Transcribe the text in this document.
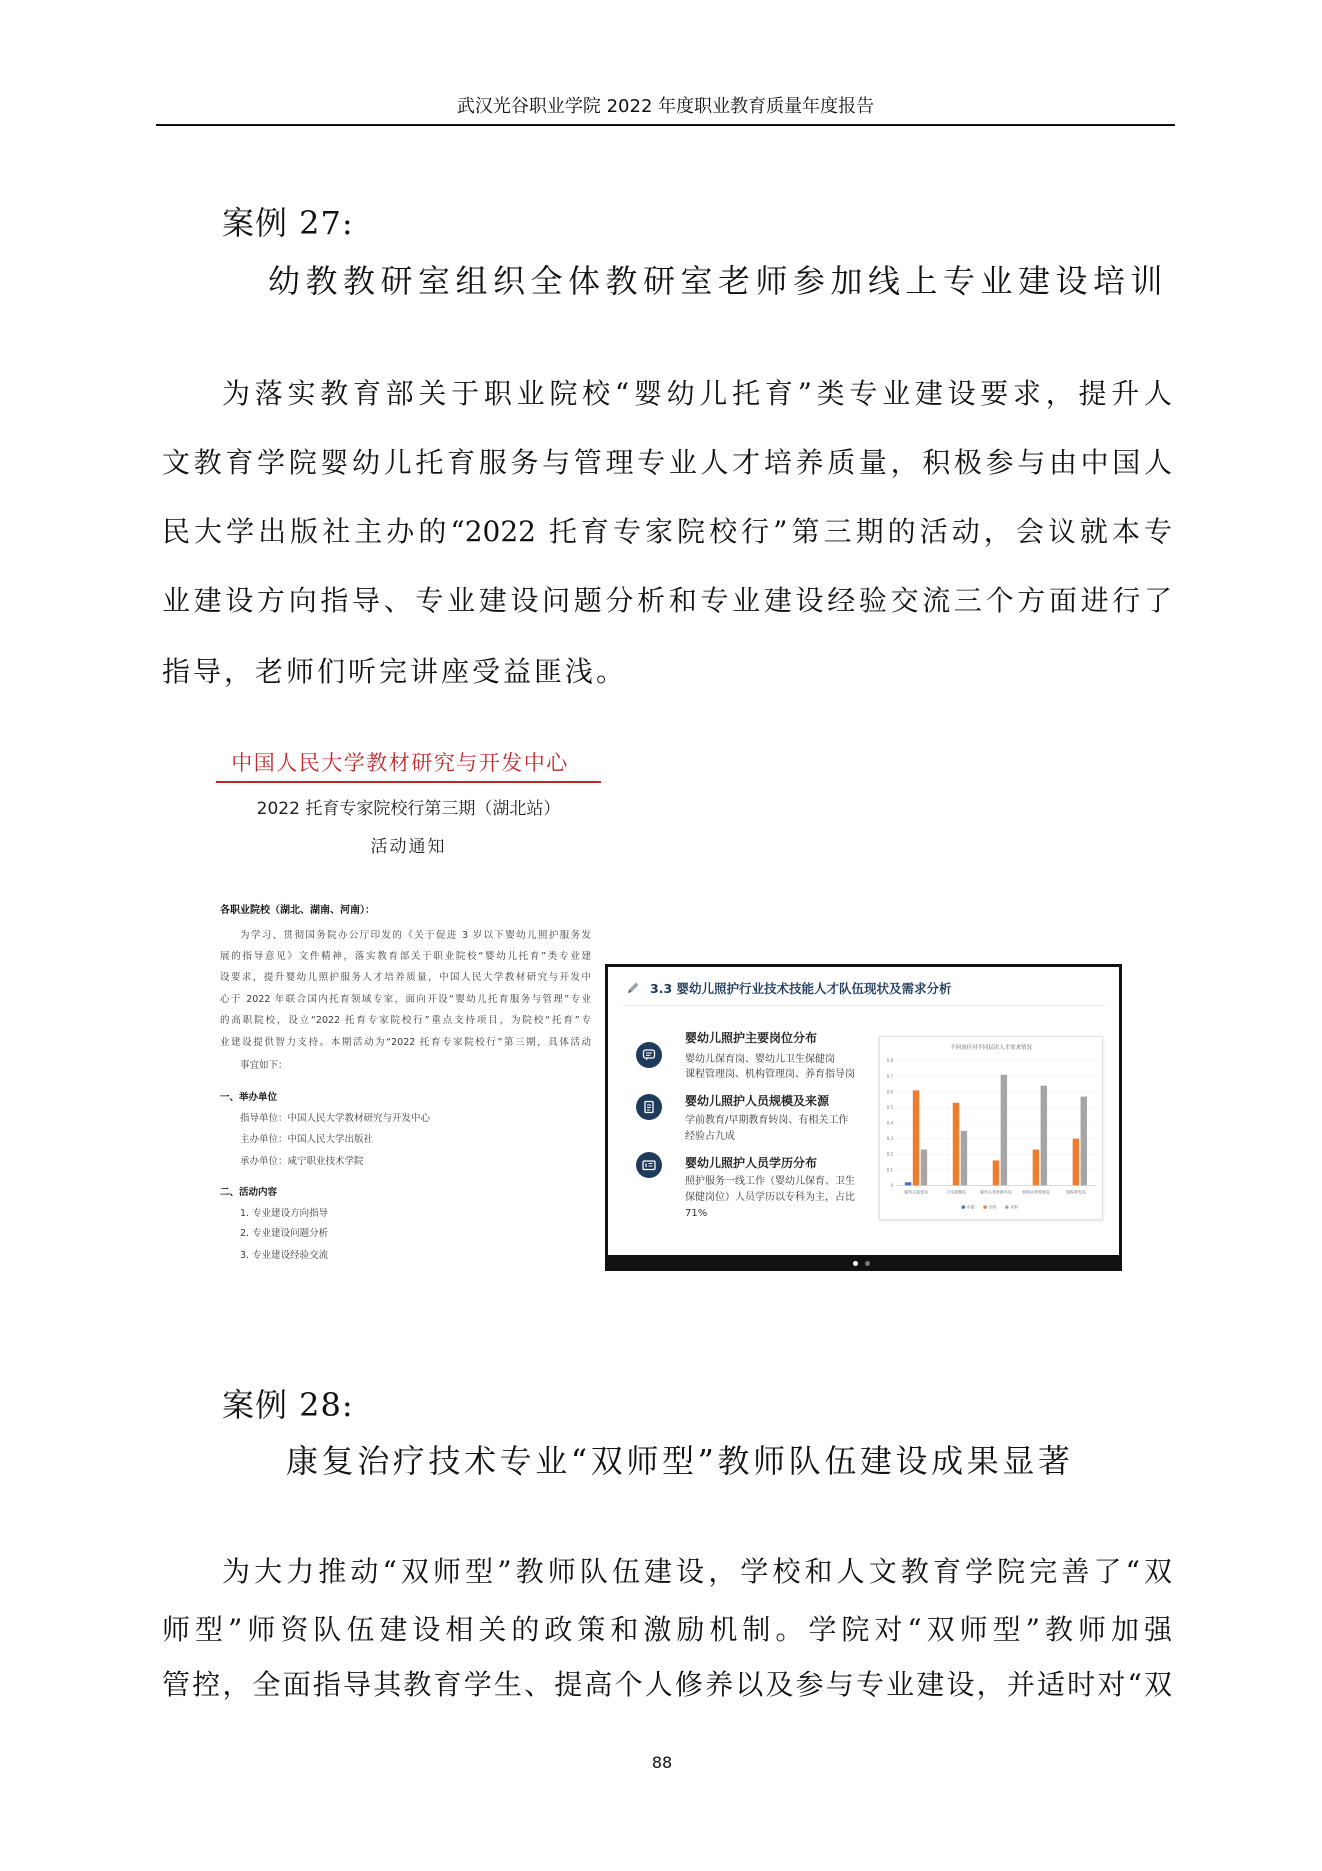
武汉光谷职业学院 2022 年度职业教育质量年度报告
案例 27:
幼教教研室组织全体教研室老师参加线上专业建设培训
为落实教育部关于职业院校“婴幼儿托育”类专业建设要求，提升人
文教育学院婴幼儿托育服务与管理专业人才培养质量，积极参与由中国人
民大学出版社主办的“2022 托育专家院校行”第三期的活动，会议就本专
业建设方向指导、专业建设问题分析和专业建设经验交流三个方面进行了
指导，老师们听完讲座受益匪浅。
中国人民大学教材研究与开发中心
2022 托育专家院校行第三期（湖北站）
活动通知
各职业院校（湖北、湖南、河南）：
为学习、贯彻国务院办公厅印发的《关于促进 3 岁以下婴幼儿照护服务发
展的指导意见》文件精神，落实教育部关于职业院校“婴幼儿托育”类专业建
设要求，提升婴幼儿照护服务人才培养质量，中国人民大学教材研究与开发中
心于 2022 年联合国内托育领域专家，面向开设“婴幼儿托育服务与管理”专业
的高职院校，设立“2022 托育专家院校行”重点支持项目，为院校“托育”专
业建设提供智力支持。本期活动为“2022 托育专家院校行”第三期，具体活动
事宜如下：
一、举办单位
指导单位：中国人民大学教材研究与开发中心
主办单位：中国人民大学出版社
承办单位：咸宁职业技术学院
二、活动内容
1. 专业建设方向指导
2. 专业建设问题分析
3. 专业建设经验交流
3.3 婴幼儿照护行业技术技能人才队伍现状及需求分析
婴幼儿照护主要岗位分布
婴幼儿保育岗、婴幼儿卫生保健岗
课程管理岗、机构管理岗、养育指导岗
婴幼儿照护人员规模及来源
学前教育/早期教育转岗、有相关工作
经验占九成
婴幼儿照护人员学历分布
照护服务一线工作（婴幼儿保育、卫生
保健岗位）人员学历以专科为主，占比
71%
不同岗位对不同层次人才需求情况
0
0.1
0.2
0.3
0.4
0.5
0.6
0.7
0.8
婴幼儿保育岗	卫生保健岗	婴幼儿养育指导岗	机构运营管理岗	课程研发岗
中职	专科	本科
案例 28:
康复治疗技术专业“双师型”教师队伍建设成果显著
为大力推动“双师型”教师队伍建设，学校和人文教育学院完善了“双
师型”师资队伍建设相关的政策和激励机制。学院对“双师型”教师加强
管控，全面指导其教育学生、提高个人修养以及参与专业建设，并适时对“双
88
